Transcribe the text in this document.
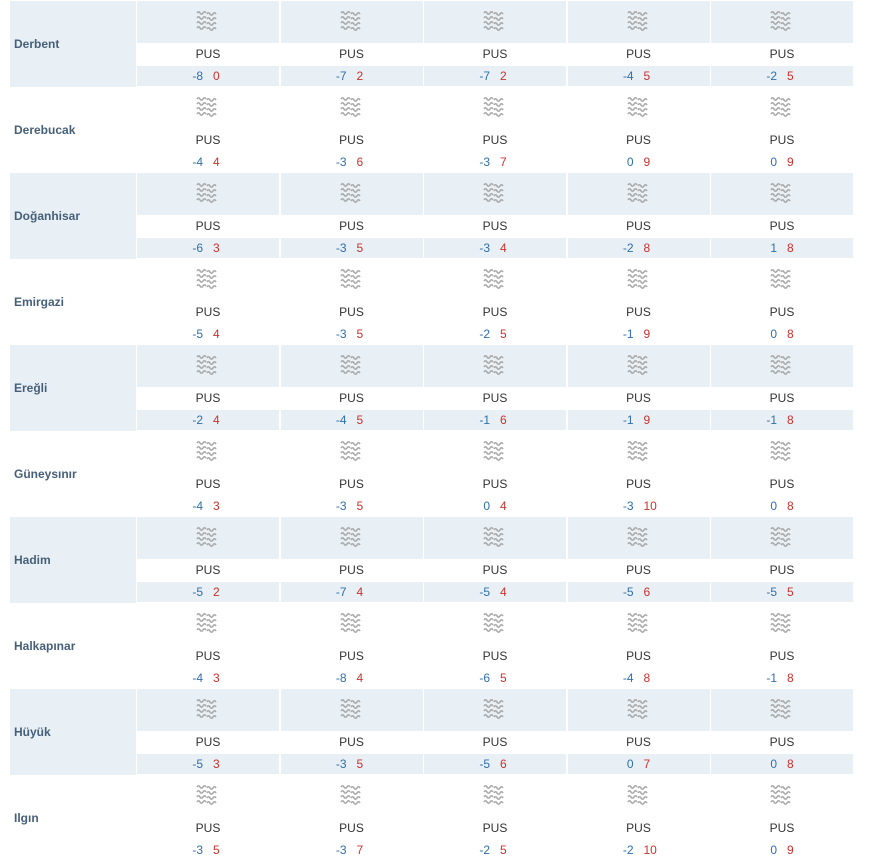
Derbent
PUS
-8 0
PUS
-7 2
PUS
-7 2
PUS
-4 5
PUS
-2 5
Derebucak
PUS
-4 4
PUS
-3 6
PUS
-3 7
PUS
0 9
PUS
0 9
Doğanhisar
PUS
-6 3
PUS
-3 5
PUS
-3 4
PUS
-2 8
PUS
1 8
Emirgazi
PUS
-5 4
PUS
-3 5
PUS
-2 5
PUS
-1 9
PUS
0 8
Ereğli
PUS
-2 4
PUS
-4 5
PUS
-1 6
PUS
-1 9
PUS
-1 8
Güneysınır
PUS
-4 3
PUS
-3 5
PUS
0 4
PUS
-3 10
PUS
0 8
Hadim
PUS
-5 2
PUS
-7 4
PUS
-5 4
PUS
-5 6
PUS
-5 5
Halkapınar
PUS
-4 3
PUS
-8 4
PUS
-6 5
PUS
-4 8
PUS
-1 8
Hüyük
PUS
-5 3
PUS
-3 5
PUS
-5 6
PUS
0 7
PUS
0 8
Ilgın
PUS
-3 5
PUS
-3 7
PUS
-2 5
PUS
-2 10
PUS
0 9
